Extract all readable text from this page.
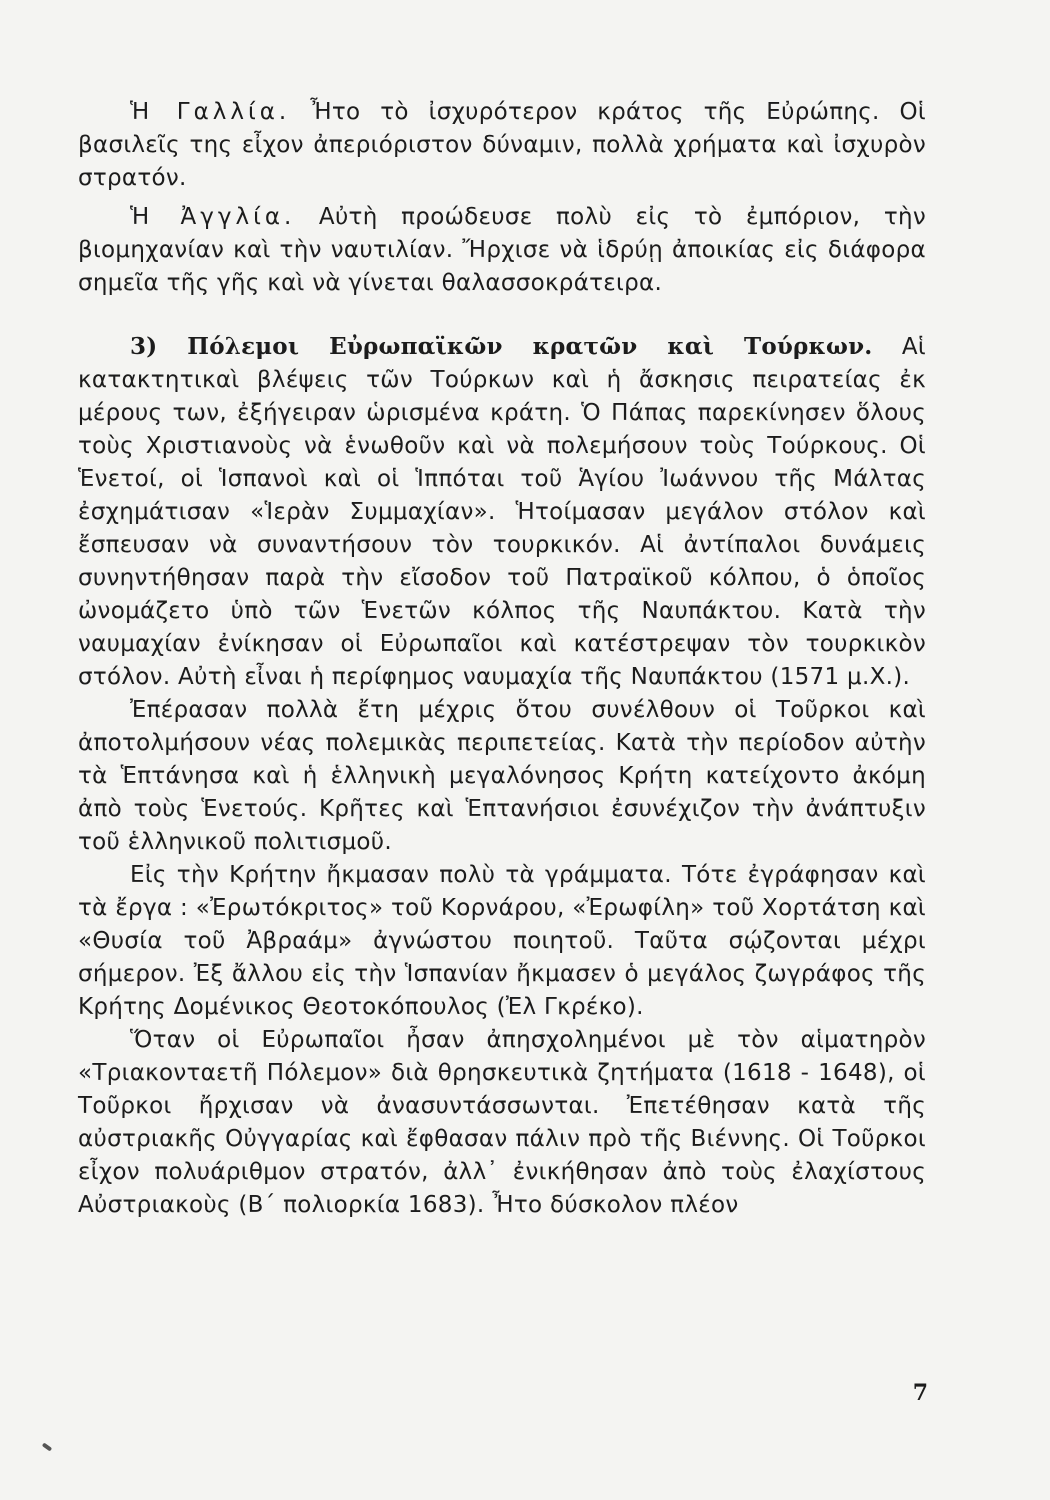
Ἡ Γαλλία. Ἦτο τὸ ἰσχυρότερον κράτος τῆς Εὐρώπης. Οἱ βασιλεῖς της εἶχον ἀπεριόριστον δύναμιν, πολλὰ χρήματα καὶ ἰσχυρὸν στρατόν.

Ἡ Ἀγγλία. Αὐτὴ προώδευσε πολὺ εἰς τὸ ἐμπόριον, τὴν βιομηχανίαν καὶ τὴν ναυτιλίαν. Ἤρχισε νὰ ἱδρύῃ ἀποικίας εἰς διάφορα σημεῖα τῆς γῆς καὶ νὰ γίνεται θαλασσοκράτειρα.

3) Πόλεμοι Εὐρωπαϊκῶν κρατῶν καὶ Τούρκων. Αἱ κατακτητικαὶ βλέψεις τῶν Τούρκων καὶ ἡ ἄσκησις πειρατείας ἐκ μέρους των, ἐξήγειραν ὡρισμένα κράτη. Ὁ Πάπας παρεκίνησεν ὅλους τοὺς Χριστιανοὺς νὰ ἑνωθοῦν καὶ νὰ πολεμήσουν τοὺς Τούρκους. Οἱ Ἑνετοί, οἱ Ἱσπανοὶ καὶ οἱ Ἱππόται τοῦ Ἁγίου Ἰωάννου τῆς Μάλτας ἐσχημάτισαν «Ἱερὰν Συμμαχίαν». Ἡτοίμασαν μεγάλον στόλον καὶ ἔσπευσαν νὰ συναντήσουν τὸν τουρκικόν. Αἱ ἀντίπαλοι δυνάμεις συνηντήθησαν παρὰ τὴν εἴσοδον τοῦ Πατραϊκοῦ κόλπου, ὁ ὁποῖος ὠνομάζετο ὑπὸ τῶν Ἑνετῶν κόλπος τῆς Ναυπάκτου. Κατὰ τὴν ναυμαχίαν ἐνίκησαν οἱ Εὐρωπαῖοι καὶ κατέστρεψαν τὸν τουρκικὸν στόλον. Αὐτὴ εἶναι ἡ περίφημος ναυμαχία τῆς Ναυπάκτου (1571 μ.Χ.).

Ἐπέρασαν πολλὰ ἔτη μέχρις ὅτου συνέλθουν οἱ Τοῦρκοι καὶ ἀποτολμήσουν νέας πολεμικὰς περιπετείας. Κατὰ τὴν περίοδον αὐτὴν τὰ Ἑπτάνησα καὶ ἡ ἑλληνικὴ μεγαλόνησος Κρήτη κατείχοντο ἀκόμη ἀπὸ τοὺς Ἑνετούς. Κρῆτες καὶ Ἑπτανήσιοι ἐσυνέχιζον τὴν ἀνάπτυξιν τοῦ ἑλληνικοῦ πολιτισμοῦ.

Εἰς τὴν Κρήτην ἤκμασαν πολὺ τὰ γράμματα. Τότε ἐγράφησαν καὶ τὰ ἔργα : «Ἐρωτόκριτος» τοῦ Κορνάρου, «Ἐρωφίλη» τοῦ Χορτάτση καὶ «Θυσία τοῦ Ἀβραάμ» ἀγνώστου ποιητοῦ. Ταῦτα σῴζονται μέχρι σήμερον. Ἐξ ἄλλου εἰς τὴν Ἱσπανίαν ἤκμασεν ὁ μεγάλος ζωγράφος τῆς Κρήτης Δομένικος Θεοτοκόπουλος (Ἐλ Γκρέκο).

Ὅταν οἱ Εὐρωπαῖοι ἦσαν ἀπησχολημένοι μὲ τὸν αἱματηρὸν «Τριακονταετῆ Πόλεμον» διὰ θρησκευτικὰ ζητήματα (1618 - 1648), οἱ Τοῦρκοι ἤρχισαν νὰ ἀνασυντάσσωνται. Ἐπετέθησαν κατὰ τῆς αὐστριακῆς Οὐγγαρίας καὶ ἔφθασαν πάλιν πρὸ τῆς Βιέννης. Οἱ Τοῦρκοι εἶχον πολυάριθμον στρατόν, ἀλλ᾽ ἐνικήθησαν ἀπὸ τοὺς ἐλαχίστους Αὐστριακοὺς (Β΄ πολιορκία 1683). Ἦτο δύσκολον πλέον

7
